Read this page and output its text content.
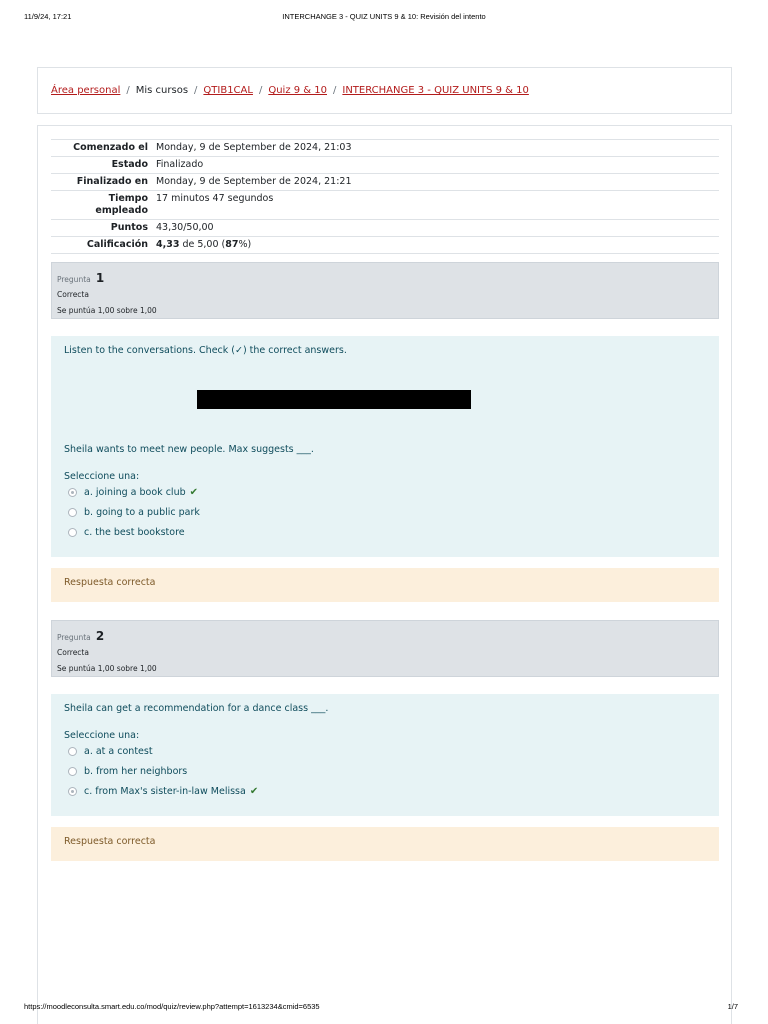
11/9/24, 17:21	INTERCHANGE 3 - QUIZ UNITS 9 & 10: Revisión del intento
Área personal / Mis cursos / QTIB1CAL / Quiz 9 & 10 / INTERCHANGE 3 - QUIZ UNITS 9 & 10
Comenzado el	Monday, 9 de September de 2024, 21:03
Estado	Finalizado
Finalizado en	Monday, 9 de September de 2024, 21:21
Tiempo
empleado	17 minutos 47 segundos
Puntos	43,30/50,00
Calificación	4,33 de 5,00 (87%)
Pregunta 1
Correcta
Se puntúa 1,00 sobre 1,00
Listen to the conversations. Check (✓) the correct answers.
Sheila wants to meet new people. Max suggests ___.
Seleccione una:
a. joining a book club ✔
b. going to a public park
c. the best bookstore
Respuesta correcta
Pregunta 2
Correcta
Se puntúa 1,00 sobre 1,00
Sheila can get a recommendation for a dance class ___.
Seleccione una:
a. at a contest
b. from her neighbors
c. from Max's sister-in-law Melissa ✔
Respuesta correcta
https://moodleconsulta.smart.edu.co/mod/quiz/review.php?attempt=1613234&cmid=6535	1/7
